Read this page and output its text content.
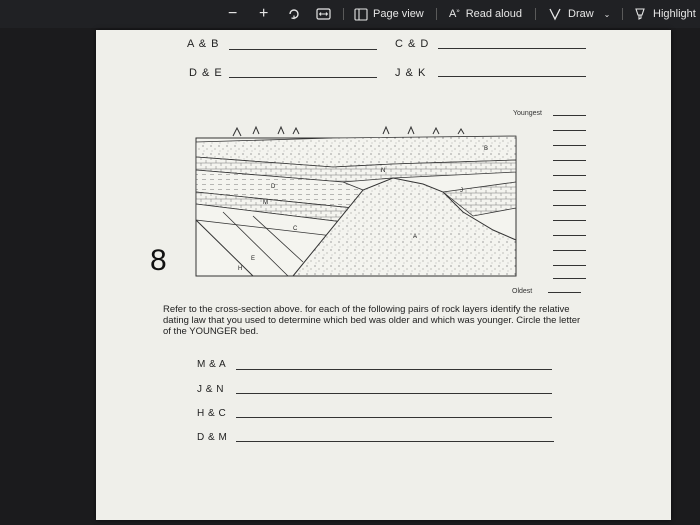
− +	Page view A» Read aloud	Draw ⌄	Highlight
A & B	C & D
D & E	J & K
8
B
A
C
D
E
H
J
M
N
Youngest
Oldest
Refer to the cross-section above. for each of the following pairs of rock layers identify the relative dating law that you used to determine which bed was older and which was younger. Circle the letter of the YOUNGER bed.
M & A
J & N
H & C
D & M
